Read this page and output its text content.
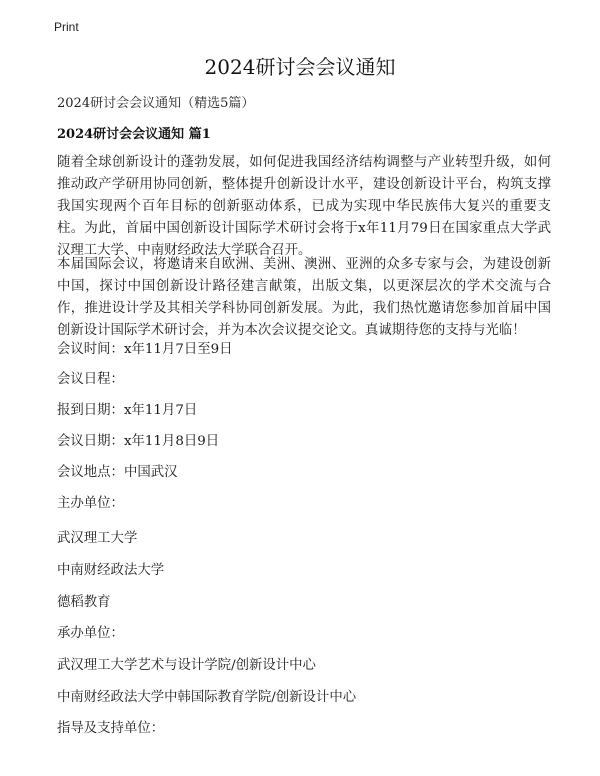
Print
2024研讨会会议通知
2024研讨会会议通知（精选5篇）
2024研讨会会议通知 篇1
随着全球创新设计的蓬勃发展，如何促进我国经济结构调整与产业转型升级，如何推动政产学研用协同创新，整体提升创新设计水平，建设创新设计平台，构筑支撑我国实现两个百年目标的创新驱动体系，已成为实现中华民族伟大复兴的重要支柱。为此，首届中国创新设计国际学术研讨会将于x年11月79日在国家重点大学武汉理工大学、中南财经政法大学联合召开。
本届国际会议，将邀请来自欧洲、美洲、澳洲、亚洲的众多专家与会，为建设创新中国，探讨中国创新设计路径建言献策，出版文集，以更深层次的学术交流与合作，推进设计学及其相关学科协同创新发展。为此，我们热忱邀请您参加首届中国创新设计国际学术研讨会，并为本次会议提交论文。真诚期待您的支持与光临！
会议时间：x年11月7日至9日
会议日程：
报到日期：x年11月7日
会议日期：x年11月8日9日
会议地点：中国武汉
主办单位：
武汉理工大学
中南财经政法大学
德稻教育
承办单位：
武汉理工大学艺术与设计学院/创新设计中心
中南财经政法大学中韩国际教育学院/创新设计中心
指导及支持单位：
